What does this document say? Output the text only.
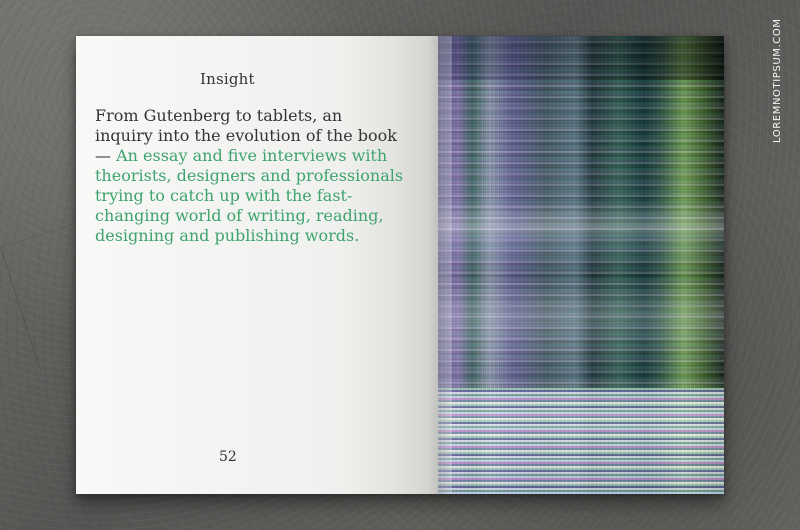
Insight
From Gutenberg to tablets, an inquiry into the evolution of the book — An essay and five interviews with theorists, designers and professionals trying to catch up with the fast-changing world of writing, reading, designing and publishing words.
52
LOREMNOTIPSUM.COM
